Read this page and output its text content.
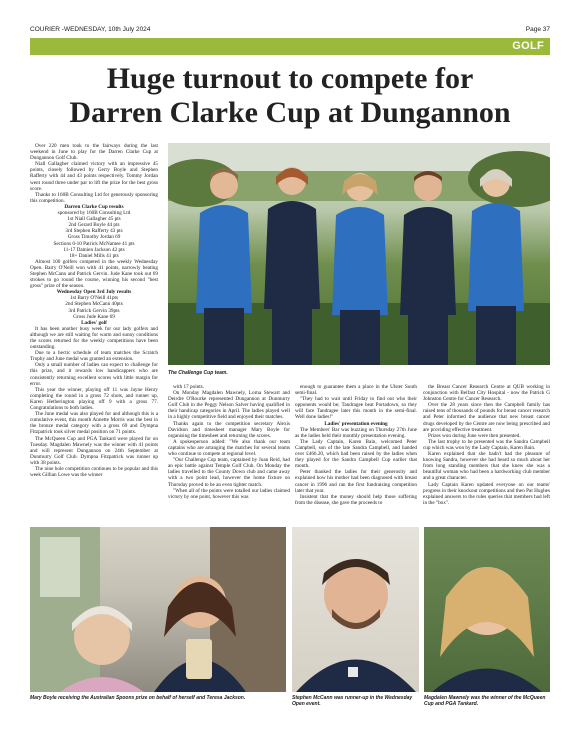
COURIER -WEDNESDAY, 10th July 2024	Page 37
GOLF
Huge turnout to compete for
Darren Clarke Cup at Dungannon

Over 220 men took to the fairways during the last weekend in June to play for the Darren Clarke Cup at Dungannon Golf Club.

Niall Gallagher claimed victory with an impressive 45 points, closely followed by Gerry Boyle and Stephen Rafferty with 44 and 43 points respectively. Tommy Jordan went round three under par to lift the prize for the best gross score.

Thanks to 160B Consulting Ltd for generously sponsoring this competition.

Darren Clarke Cup results

sponsored by 160B Consulting Ltd

1st Niall Gallagher 45 pts

2nd Gerard Boyle 44 pts

3rd Stephen Rafferty 43 pts

Gross Timothy Jordan 69

Sections 0-10 Patrick McNamee 41 pts

11-17 Damien Jackson 42 pts

18+ Daniel Mills 41 pts

Almost 100 golfers competed in the weekly Wednesday Open. Barry O'Neill won with 41 points, narrowly beating Stephen McCann and Patrick Gervin. Jude Kane took out 69 strokes to go round the course, winning his second "best gross" prize of the season.

Wednesday Open 3rd July results

1st Barry O'Neill 41pts

2nd Stephen McCann 40pts

3rd Patrick Gervin 39pts

Gross Jude Kane 69

Ladies' golf

It has been another busy week for our lady golfers and although we are still waiting for warm and sunny conditions the scores returned for the weekly competitions have been outstanding.

Due to a hectic schedule of team matches the Scratch Trophy and June medal was granted an extension.

Only a small number of ladies can expect to challenge for this prize, and it rewards low handicappers who are consistently returning excellent scores with little margin for error.

This year the winner, playing off 11 was Jayne Henry completing the round in a gross 72 shots, and runner up, Karen Hetherington playing off 9 with a gross 77. Congratulations to both ladies.

The June medal was also played for and although this is a cumulative event, this month Annette Morris was the best in the bronze medal category with a gross 69 and Dympna Fitzpatrick took silver medal position on 71 points.

The McQueen Cup and PGA Tankard were played for on Tuesday. Magdalen Mawnely was the winner with 41 points and will represent Dungannon on 24th September at Dunmurry Golf Club. Dympna Fitzpatrick was runner up with 38 points.

The nine hole competition continues to be popular and this week Gillian Lowe was the winner

The Challenge Cup team.

with 17 points.

On Monday Magdalen Mawnely, Lorna Stewart and Deirdre O'Rourke represented Dungannon at Dunmurry Golf Club in the Peggy Nelson Salver having qualified in their handicap categories in April. The ladies played well in a highly competitive field and enjoyed their matches.

Thanks again to the competition secretary Alexis Davidson and timesheet manager Mary Boyle for organising the timesheet and returning the scores.

A spokesperson added: "We also thank our team captains who are arranging the matches for several teams who continue to compete at regional level.

"Our Challenge Cup team, captained by Joan Reid, had an epic battle against Temple Golf Club. On Monday the ladies travelled to the County Down club and came away with a two point lead, however the home fixture on Thursday proved to be an even tighter match.

"When all of the points were totalled our ladies claimed victory by one point, however this was

enough to guarantee them a place in the Ulster South semi-final.

"They had to wait until Friday to find out who their opponents would be; Tandragee beat Portadown, so they will face Tandragee later this month in the semi-final. Well done ladies!"

Ladies' presentation evening

The Members' Bar was buzzing on Thursday 27th June as the ladies held their monthly presentation evening.

The Lady Captain, Karen Bain, welcomed Peter Campbell, son of the late Sandra Campbell, and handed over £466.20, which had been raised by the ladies when they played for the Sandra Campbell Cup earlier that month.

Peter thanked the ladies for their generosity and explained how his mother had been diagnosed with breast cancer in 1996 and ran the first fundraising competition later that year.

Insistent that the money should help those suffering from the disease, she gave the proceeds to

the Breast Cancer Research Centre at QUB working in conjunction with Belfast City Hospital - now the Patrick G Johnston Centre for Cancer Research.

Over the 28 years since then the Campbell family has raised tens of thousands of pounds for breast cancer research and Peter informed the audience that new breast cancer drugs developed by the Centre are now being prescribed and are providing effective treatment.

Prizes won during June were then presented.

The last trophy to be presented was the Sandra Campbell cup which was won by the Lady Captain, Karen Bain.

Karen explained that she hadn't had the pleasure of knowing Sandra, however she had heard so much about her from long standing members that she knew she was a beautiful woman who had been a hardworking club member and a great character.

Lady Captain Karen updated everyone on our teams' progress in their knockout competitions and then Pat Hughes explained answers to the rules queries that members had left in the "box".

Mary Boyle receiving the Australian Spoons prize on behalf of herself and Teresa Jackson.	Stephen McCann was runner-up in the Wednesday Open event.
Magdalen Mawnely was the winner of the McQueen Cup and PGA Tankard.
